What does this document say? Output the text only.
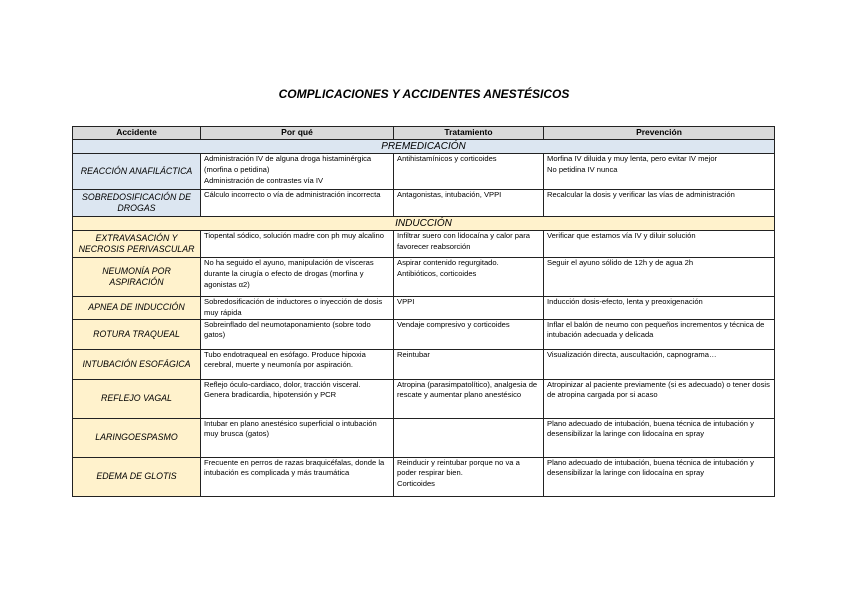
COMPLICACIONES Y ACCIDENTES ANESTÉSICOS
Accidente	Por qué	Tratamiento	Prevención
PREMEDICACIÓN			
REACCIÓN ANAFILÁCTICA	Administración IV de alguna droga histaminérgica (morfina o petidina)
Administración de contrastes vía IV	Antihistamínicos y corticoides	Morfina IV diluida y muy lenta, pero evitar IV mejor
No petidina IV nunca

SOBREDOSIFICACIÓN DE DROGAS	Cálculo incorrecto o vía de administración incorrecta	Antagonistas, intubación, VPPI	Recalcular la dosis y verificar las vías de administración

INDUCCIÓN			
EXTRAVASACIÓN Y NECROSIS PERIVASCULAR	Tiopental sódico, solución madre con ph muy alcalino	Infiltrar suero con lidocaína y calor para favorecer reabsorción	Verificar que estamos vía IV y diluir solución

NEUMONÍA POR ASPIRACIÓN	No ha seguido el ayuno, manipulación de vísceras durante la cirugía o efecto de drogas (morfina y agonistas α2)	Aspirar contenido regurgitado. Antibióticos, corticoides	Seguir el ayuno sólido de 12h y de agua 2h

APNEA DE INDUCCIÓN	Sobredosificación de inductores o inyección de dosis muy rápida	VPPI	Inducción dosis-efecto, lenta y preoxigenación

ROTURA TRAQUEAL	Sobreinflado del neumotaponamiento (sobre todo gatos)	Vendaje compresivo y corticoides	Inflar el balón de neumo con pequeños incrementos y técnica de intubación adecuada y delicada

INTUBACIÓN ESOFÁGICA	Tubo endotraqueal en esófago. Produce hipoxia cerebral, muerte y neumonía por aspiración.	Reintubar	Visualización directa, auscultación, capnograma…

REFLEJO VAGAL	Reflejo óculo-cardiaco, dolor, tracción visceral.
Genera bradicardia, hipotensión y PCR	Atropina (parasimpatolítico), analgesia de rescate y aumentar plano anestésico	Atropinizar al paciente previamente (si es adecuado) o tener dosis de atropina cargada por si acaso

LARINGOESPASMO	Intubar en plano anestésico superficial o intubación muy brusca (gatos)		Plano adecuado de intubación, buena técnica de intubación y desensibilizar la laringe con lidocaína en spray

EDEMA DE GLOTIS	Frecuente en perros de razas braquicéfalas, donde la intubación es complicada y más traumática	Reinducir y reintubar porque no va a poder respirar bien.
Corticoides	Plano adecuado de intubación, buena técnica de intubación y desensibilizar la laringe con lidocaína en spray
